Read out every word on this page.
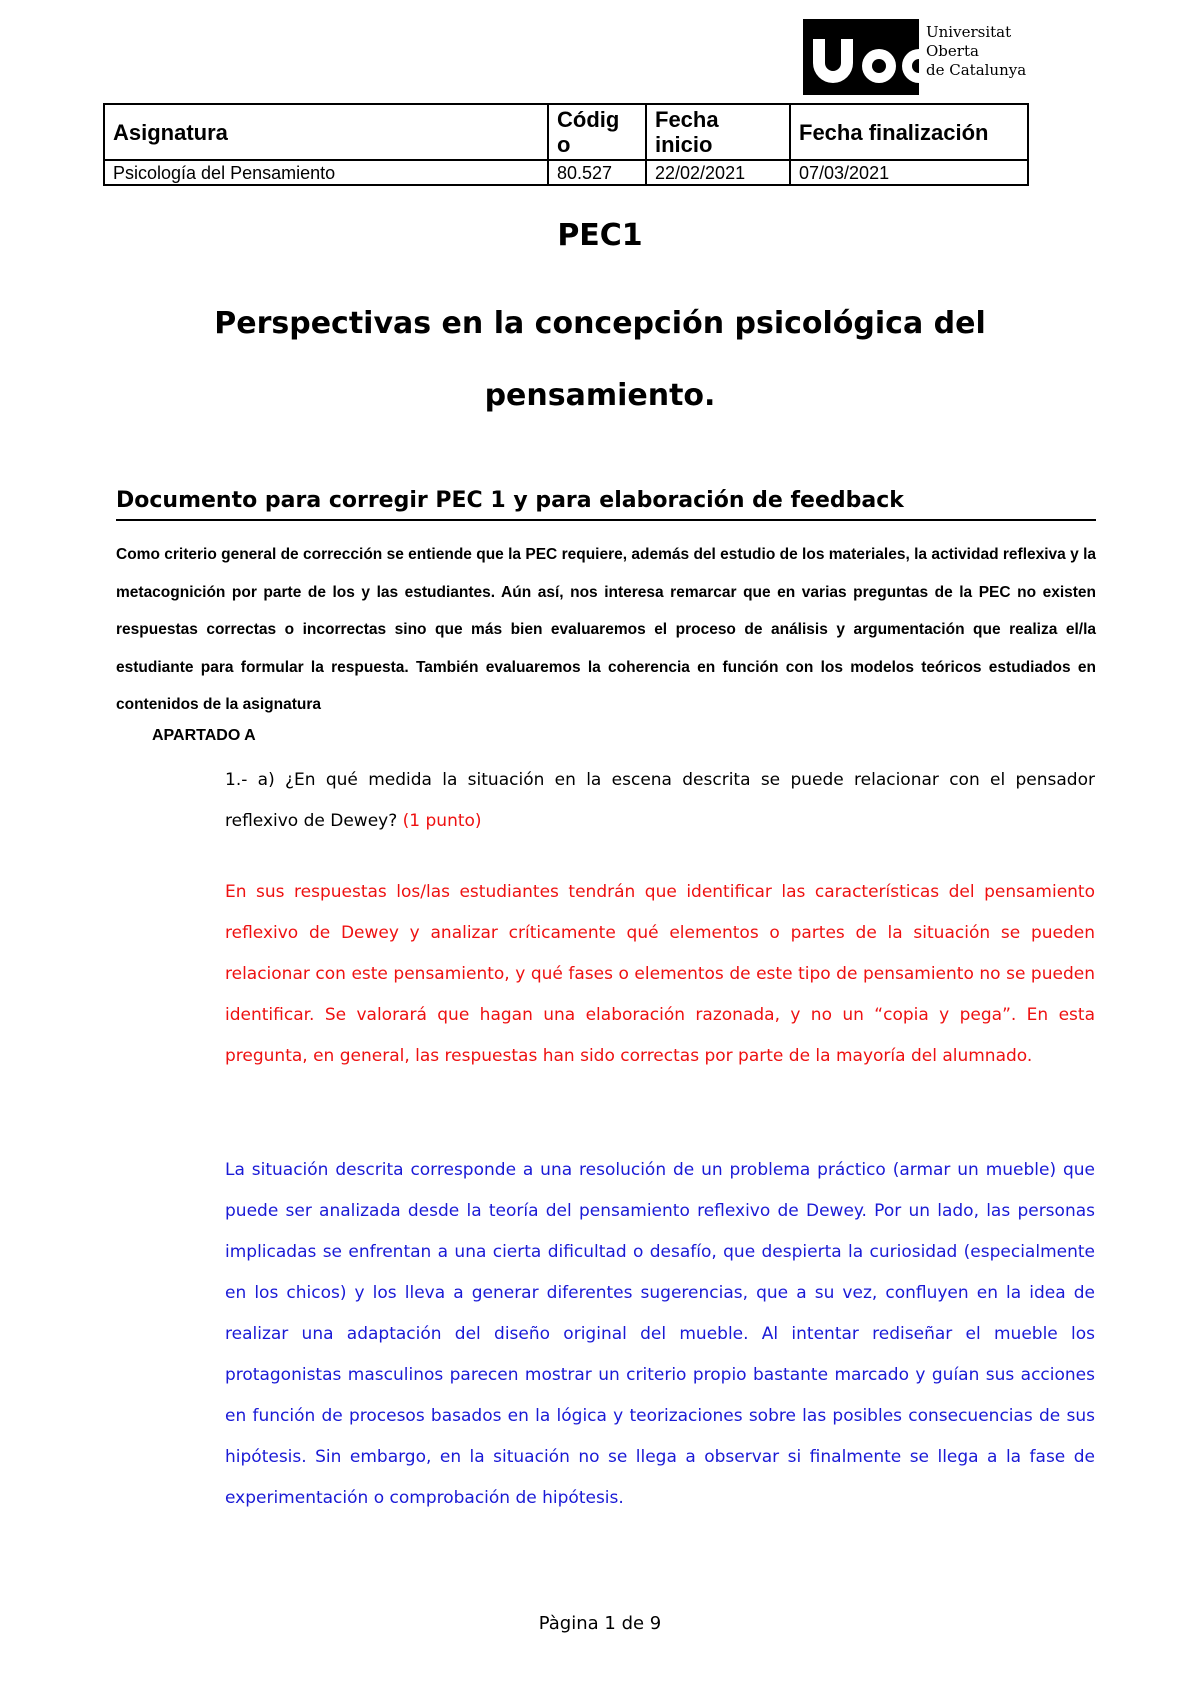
Universitat
Oberta
de Catalunya
Asignatura	Códig o	Fecha inicio	Fecha finalización
Psicología del Pensamiento	80.527	22/02/2021	07/03/2021
PEC1
Perspectivas en la concepción psicológica del pensamiento.
Documento para corregir PEC 1 y para elaboración de feedback
Como criterio general de corrección se entiende que la PEC requiere, además del estudio de los materiales, la actividad reflexiva y la metacognición por parte de los y las estudiantes. Aún así, nos interesa remarcar que en varias preguntas de la PEC no existen respuestas correctas o incorrectas sino que más bien evaluaremos el proceso de análisis y argumentación que realiza el/la estudiante para formular la respuesta. También evaluaremos la coherencia en función con los modelos teóricos estudiados en contenidos de la asignatura
APARTADO A
1.- a) ¿En qué medida la situación en la escena descrita se puede relacionar con el pensador reflexivo de Dewey? (1 punto)
En sus respuestas los/las estudiantes tendrán que identificar las características del pensamiento reflexivo de Dewey y analizar críticamente qué elementos o partes de la situación se pueden relacionar con este pensamiento, y qué fases o elementos de este tipo de pensamiento no se pueden identificar. Se valorará que hagan una elaboración razonada, y no un “copia y pega”. En esta pregunta, en general, las respuestas han sido correctas por parte de la mayoría del alumnado.
La situación descrita corresponde a una resolución de un problema práctico (armar un mueble) que puede ser analizada desde la teoría del pensamiento reflexivo de Dewey. Por un lado, las personas implicadas se enfrentan a una cierta dificultad o desafío, que despierta la curiosidad (especialmente en los chicos) y los lleva a generar diferentes sugerencias, que a su vez, confluyen en la idea de realizar una adaptación del diseño original del mueble. Al intentar rediseñar el mueble los protagonistas masculinos parecen mostrar un criterio propio bastante marcado y guían sus acciones en función de procesos basados en la lógica y teorizaciones sobre las posibles consecuencias de sus hipótesis. Sin embargo, en la situación no se llega a observar si finalmente se llega a la fase de experimentación o comprobación de hipótesis.
Pàgina 1 de 9
